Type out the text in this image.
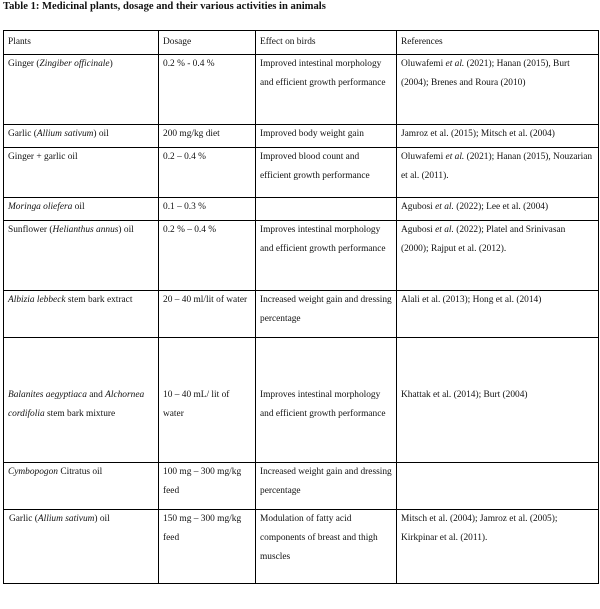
Table 1: Medicinal plants, dosage and their various activities in animals
Plants	Dosage	Effect on birds	References
Ginger (Zingiber officinale)	0.2 % - 0.4 %	Improved intestinal morphology and efficient growth performance	Oluwafemi et al. (2021); Hanan (2015), Burt (2004); Brenes and Roura (2010)
Garlic (Allium sativum) oil	200 mg/kg diet	Improved body weight gain	Jamroz et al. (2015); Mitsch et al. (2004)
Ginger + garlic oil	0.2 – 0.4 %	Improved blood count and efficient growth performance	Oluwafemi et al. (2021); Hanan (2015), Nouzarian et al. (2011).
Moringa oliefera oil	0.1 – 0.3 %		Agubosi et al. (2022); Lee et al. (2004)
Sunflower (Helianthus annus) oil	0.2 % – 0.4 %	Improves intestinal morphology and efficient growth performance	Agubosi et al. (2022); Platel and Srinivasan (2000); Rajput et al. (2012).
Albizia lebbeck stem bark extract	20 – 40 ml/lit of water	Increased weight gain and dressing percentage	Alali et al. (2013); Hong et al. (2014)
Balanites aegyptiaca and Alchornea cordifolia stem bark mixture	10 – 40 mL/ lit of water	Improves intestinal morphology and efficient growth performance	Khattak et al. (2014); Burt (2004)
Cymbopogon Citratus oil	100 mg – 300 mg/kg feed	Increased weight gain and dressing percentage	
Garlic (Allium sativum) oil	150 mg – 300 mg/kg feed	Modulation of fatty acid components of breast and thigh muscles	Mitsch et al. (2004); Jamroz et al. (2005); Kirkpinar et al. (2011).
